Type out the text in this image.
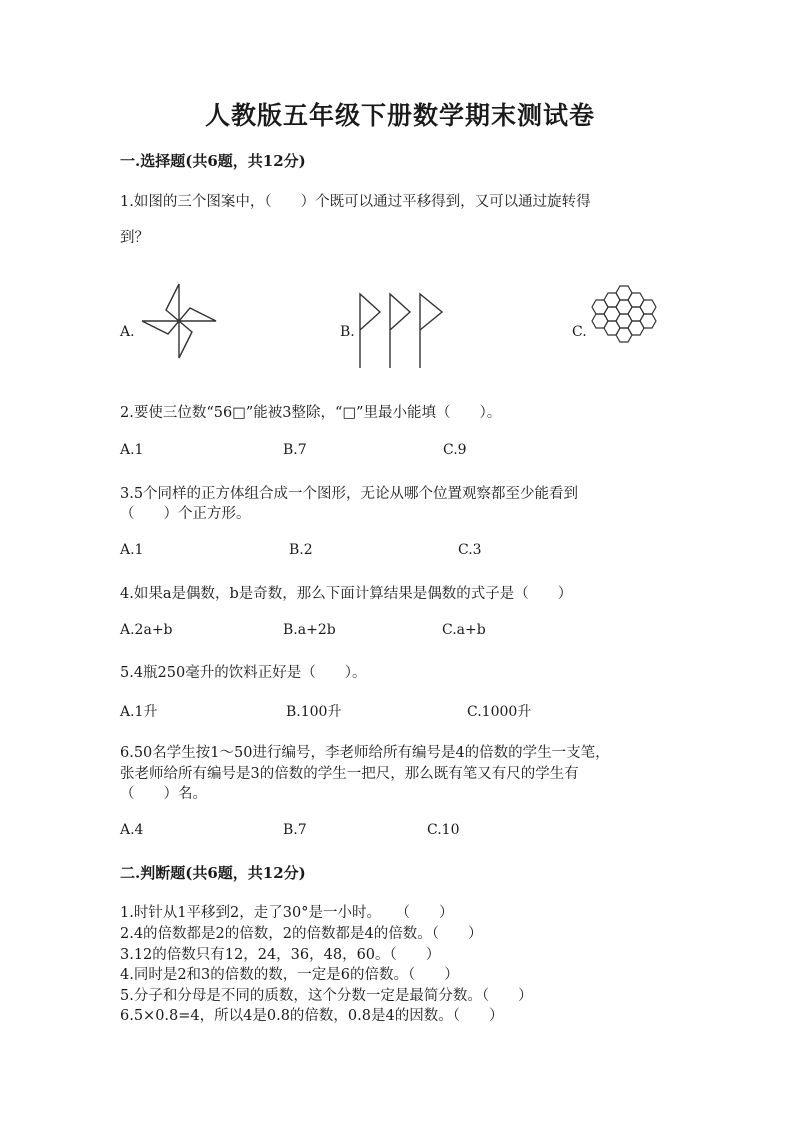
人教版五年级下册数学期末测试卷
一.选择题(共6题，共12分)
1.如图的三个图案中，（　　）个既可以通过平移得到，又可以通过旋转得
到？
A.	B.	C.
2.要使三位数“56□”能被3整除，“□”里最小能填（　　）。
A.1	B.7	C.9
3.5个同样的正方体组合成一个图形，无论从哪个位置观察都至少能看到
（　　）个正方形。
A.1	B.2	C.3
4.如果a是偶数，b是奇数，那么下面计算结果是偶数的式子是（　　）
A.2a+b	B.a+2b	C.a+b
5.4瓶250毫升的饮料正好是（　　）。
A.1升	B.100升	C.1000升
6.50名学生按1～50进行编号，李老师给所有编号是4的倍数的学生一支笔，
张老师给所有编号是3的倍数的学生一把尺，那么既有笔又有尺的学生有
（　　）名。
A.4	B.7	C.10
二.判断题(共6题，共12分)
1.时针从1平移到2，走了30°是一小时。　　（　　）
2.4的倍数都是2的倍数，2的倍数都是4的倍数。（　　）
3.12的倍数只有12，24，36，48，60。（　　）
4.同时是2和3的倍数的数，一定是6的倍数。（　　）
5.分子和分母是不同的质数，这个分数一定是最简分数。（　　）
6.5×0.8=4，所以4是0.8的倍数，0.8是4的因数。（　　）
